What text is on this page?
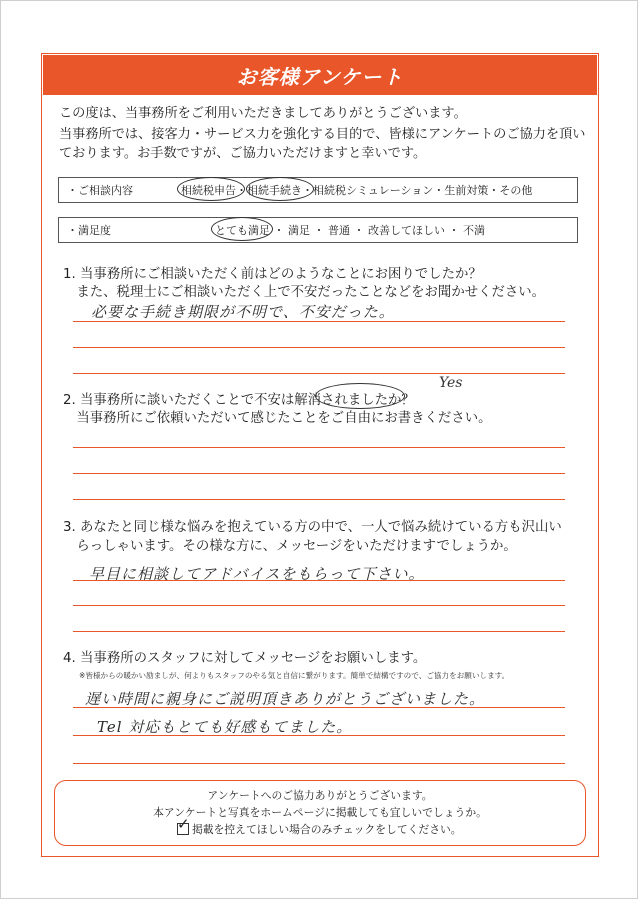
お客様アンケート
この度は、当事務所をご利用いただきましてありがとうございます。
当事務所では、接客力・サービス力を強化する目的で、皆様にアンケートのご協力を頂い
ております。お手数ですが、ご協力いただけますと幸いです。
・ご相談内容	相続税申告・相続手続き・相続税シミュレーション・生前対策・その他
・満足度	とても満足 ・ 満足 ・ 普通 ・ 改善してほしい ・ 不満
1. 当事務所にご相談いただく前はどのようなことにお困りでしたか？
　また、税理士にご相談いただく上で不安だったことなどをお聞かせください。
必要な手続き期限が不明で、不安だった。
2. 当事務所に談いただくことで不安は解消されましたか？
　当事務所にご依頼いただいて感じたことをご自由にお書きください。
Yes
3. あなたと同じ様な悩みを抱えている方の中で、一人で悩み続けている方も沢山い
　らっしゃいます。その様な方に、メッセージをいただけますでしょうか。
早目に相談してアドバイスをもらって下さい。
4. 当事務所のスタッフに対してメッセージをお願いします。
※皆様からの暖かい励ましが、何よりもスタッフのやる気と自信に繋がります。簡単で結構ですので、ご協力をお願いします。
遅い時間に親身にご説明頂きありがとうございました。
Tel 対応もとても好感もてました。
アンケートへのご協力ありがとうございます。
本アンケートと写真をホームページに掲載しても宜しいでしょうか。
✓ 掲載を控えてほしい場合のみチェックをしてください。
